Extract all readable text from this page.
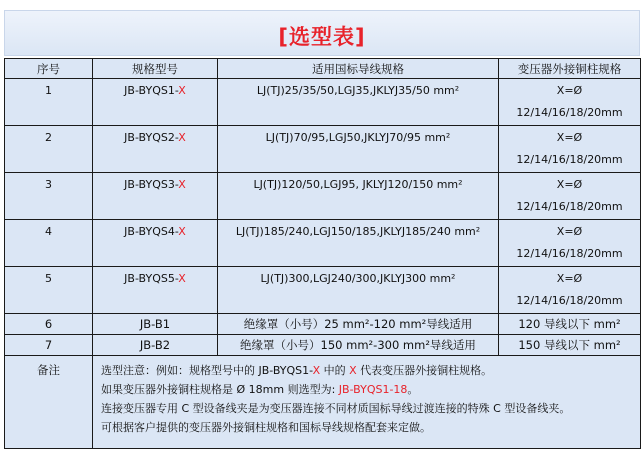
[选型表]
序号	规格型号	适用国标导线规格	变压器外接铜柱规格
1	JB-BYQS1-X	LJ(TJ)25/35/50,LGJ35,JKLYJ35/50 mm²	X=Ø
12/14/16/18/20mm

2	JB-BYQS2-X	LJ(TJ)70/95,LGJ50,JKLYJ70/95 mm²	X=Ø
12/14/16/18/20mm

3	JB-BYQS3-X	LJ(TJ)120/50,LGJ95, JKLYJ120/150 mm²	X=Ø
12/14/16/18/20mm

4	JB-BYQS4-X	LJ(TJ)185/240,LGJ150/185,JKLYJ185/240 mm²	X=Ø
12/14/16/18/20mm

5	JB-BYQS5-X	LJ(TJ)300,LGJ240/300,JKLYJ300 mm²	X=Ø
12/14/16/18/20mm

6	JB-B1	绝缘罩（小号）25 mm²-120 mm²导线适用	120 导线以下 mm²
7	JB-B2	绝缘罩（小号）150 mm²-300 mm²导线适用	150 导线以下 mm²
备注	选型注意：例如：规格型号中的 JB-BYQS1-X 中的 X 代表变压器外接铜柱规格。
如果变压器外接铜柱规格是 Ø 18mm 则选型为: JB-BYQS1-18。
连接变压器专用 C 型设备线夹是为变压器连接不同材质国标导线过渡连接的特殊 C 型设备线夹。
可根据客户提供的变压器外接铜柱规格和国标导线规格配套来定做。		
